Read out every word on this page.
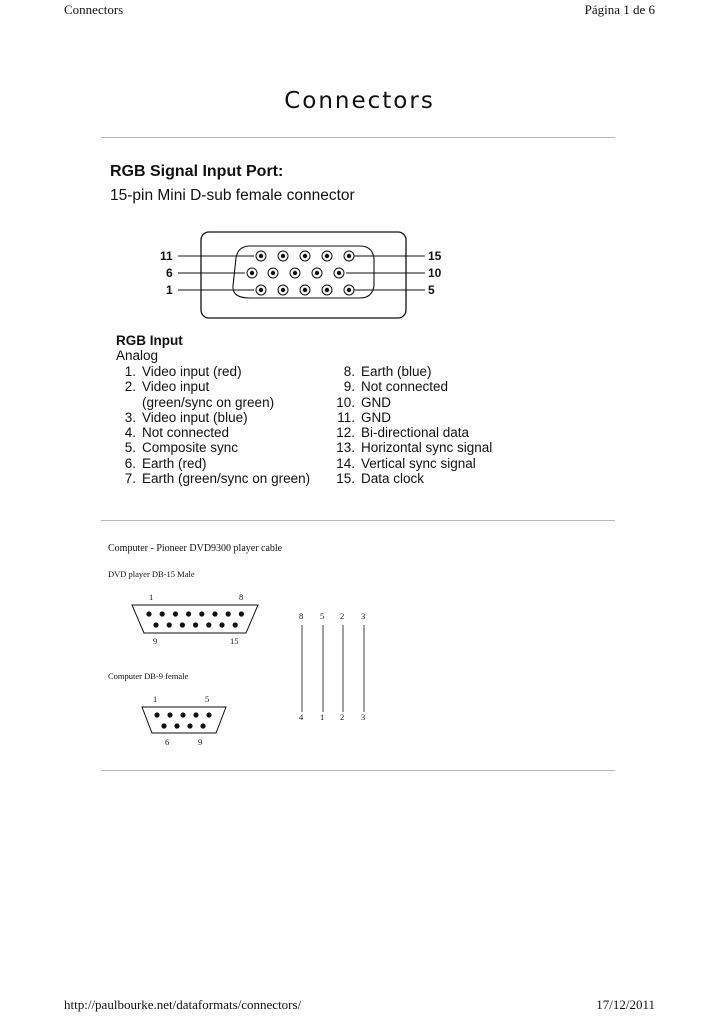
Connectors	Página 1 de 6
Connectors
RGB Signal Input Port:
15-pin Mini D-sub female connector
11
6
1
15
10
5
RGB Input
Analog
1. Video input (red)
2. Video input
(green/sync on green)
3. Video input (blue)
4. Not connected
5. Composite sync
6. Earth (red)
7. Earth (green/sync on green)
8. Earth (blue)
9. Not connected
10. GND
11. GND
12. Bi-directional data
13. Horizontal sync signal
14. Vertical sync signal
15. Data clock
Computer - Pioneer DVD9300 player cable
DVD player DB-15 Male
1	8
9	15
Computer DB-9 female
1	5
6	9
8 5 2 3
4 1 2 3
http://paulbourke.net/dataformats/connectors/	17/12/2011
